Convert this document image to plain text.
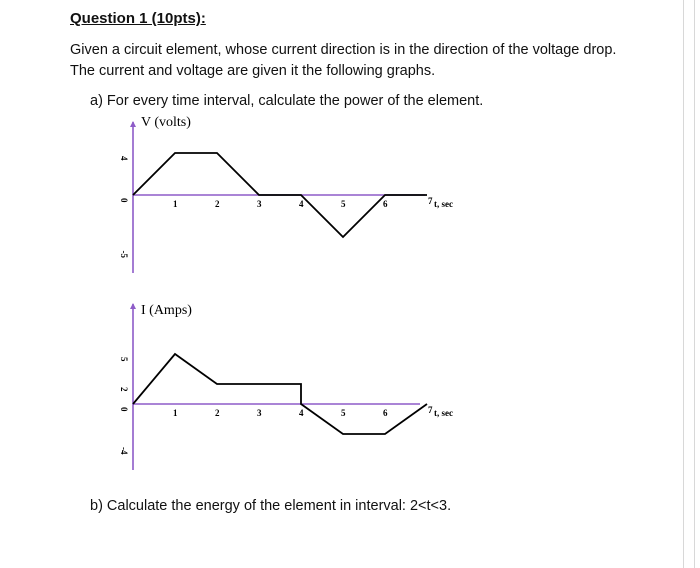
Question 1 (10pts):
Given a circuit element, whose current direction is in the direction of the voltage drop. The current and voltage are given it the following graphs.
a) For every time interval, calculate the power of the element.
V (volts)
1	2	3	4	5	6	7 t, sec
4
0
-5
I (Amps)
1	2	3	4	5	6	7 t, sec
5
2
0
-4
b) Calculate the energy of the element in interval: 2<t<3.
